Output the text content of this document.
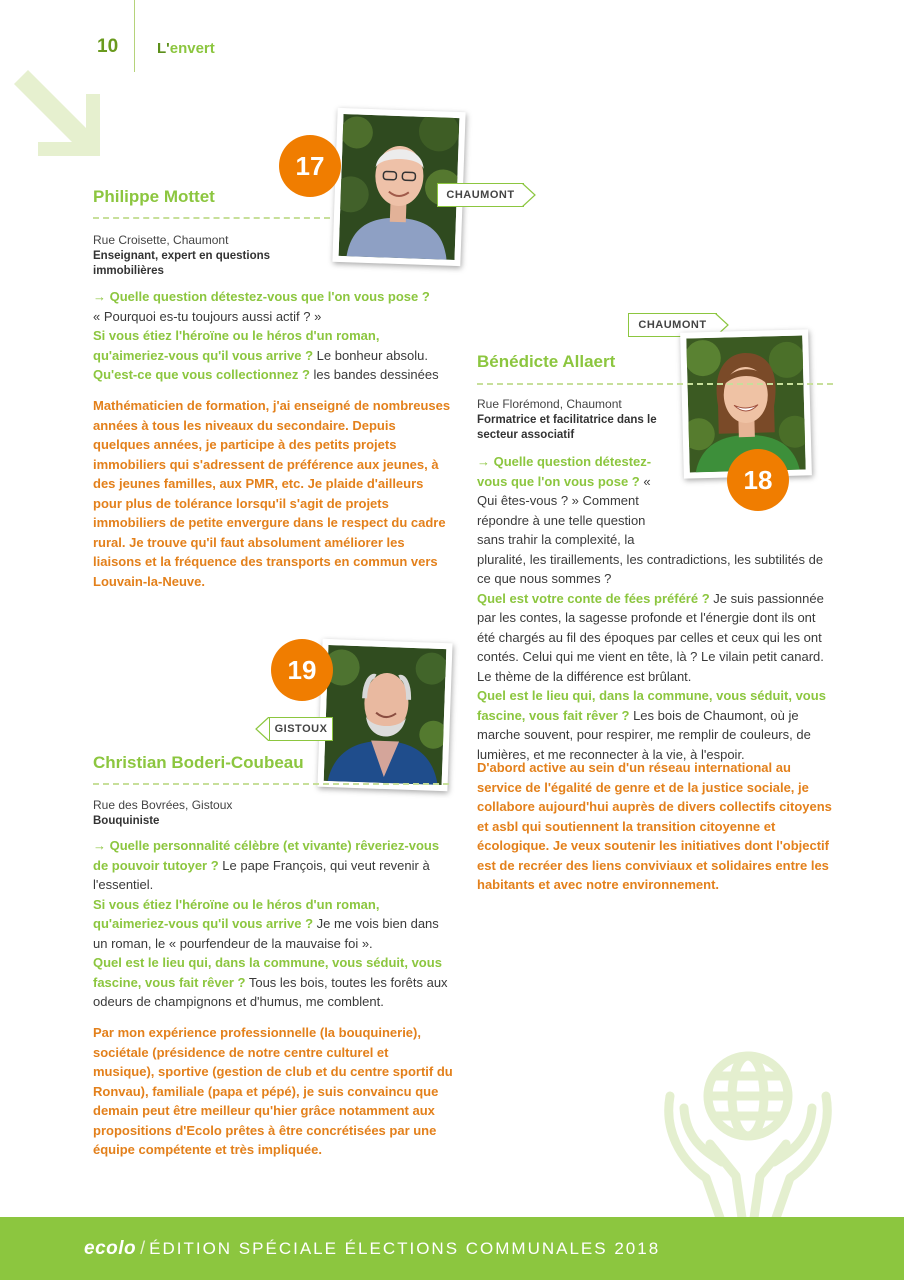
10	L'envert
17
CHAUMONT
Philippe Mottet
Rue Croisette, Chaumont
Enseignant, expert en questions immobilières
→ Quelle question détestez-vous que l'on vous pose ?
« Pourquoi es-tu toujours aussi actif ? »
Si vous étiez l'héroïne ou le héros d'un roman, qu'aimeriez-vous qu'il vous arrive ? Le bonheur absolu.
Qu'est-ce que vous collectionnez ? les bandes dessinées
Mathématicien de formation, j'ai enseigné de nombreuses années à tous les niveaux du secondaire. Depuis quelques années, je participe à des petits projets immobiliers qui s'adressent de préférence aux jeunes, à des jeunes familles, aux PMR, etc. Je plaide d'ailleurs pour plus de tolérance lorsqu'il s'agit de projets immobiliers de petite envergure dans le respect du cadre rural. Je trouve qu'il faut absolument améliorer les liaisons et la fréquence des transports en commun vers Louvain-la-Neuve.
CHAUMONT
18
Bénédicte Allaert
Rue Florémond, Chaumont
Formatrice et facilitatrice dans le secteur associatif
→ Quelle question détestez-vous que l'on vous pose ? « Qui êtes-vous ? » Comment répondre à une telle question sans trahir la complexité, la pluralité, les tiraillements, les contradictions, les subtilités de ce que nous sommes ?
Quel est votre conte de fées préféré ? Je suis passionnée par les contes, la sagesse profonde et l'énergie dont ils ont été chargés au fil des époques par celles et ceux qui les ont contés. Celui qui me vient en tête, là ? Le vilain petit canard. Le thème de la différence est brûlant.
Quel est le lieu qui, dans la commune, vous séduit, vous fascine, vous fait rêver ? Les bois de Chaumont, où je marche souvent, pour respirer, me remplir de couleurs, de lumières, et me reconnecter à la vie, à l'espoir.
D'abord active au sein d'un réseau international au service de l'égalité de genre et de la justice sociale, je collabore aujourd'hui auprès de divers collectifs citoyens et asbl qui soutiennent la transition citoyenne et écologique. Je veux soutenir les initiatives dont l'objectif est de recréer des liens conviviaux et solidaires entre les habitants et avec notre environnement.
19
GISTOUX
Christian Boderi-Coubeau
Rue des Bovrées, Gistoux
Bouquiniste
→ Quelle personnalité célèbre (et vivante) rêveriez-vous de pouvoir tutoyer ? Le pape François, qui veut revenir à l'essentiel.
Si vous étiez l'héroïne ou le héros d'un roman, qu'aimeriez-vous qu'il vous arrive ? Je me vois bien dans un roman, le « pourfendeur de la mauvaise foi ».
Quel est le lieu qui, dans la commune, vous séduit, vous fascine, vous fait rêver ? Tous les bois, toutes les forêts aux odeurs de champignons et d'humus, me comblent.
Par mon expérience professionnelle (la bouquinerie), sociétale (présidence de notre centre culturel et musique), sportive (gestion de club et du centre sportif du Ronvau), familiale (papa et pépé), je suis convaincu que demain peut être meilleur qu'hier grâce notamment aux propositions d'Ecolo prêtes à être concrétisées par une équipe compétente et très impliquée.
ecolo / ÉDITION SPÉCIALE ÉLECTIONS COMMUNALES 2018
